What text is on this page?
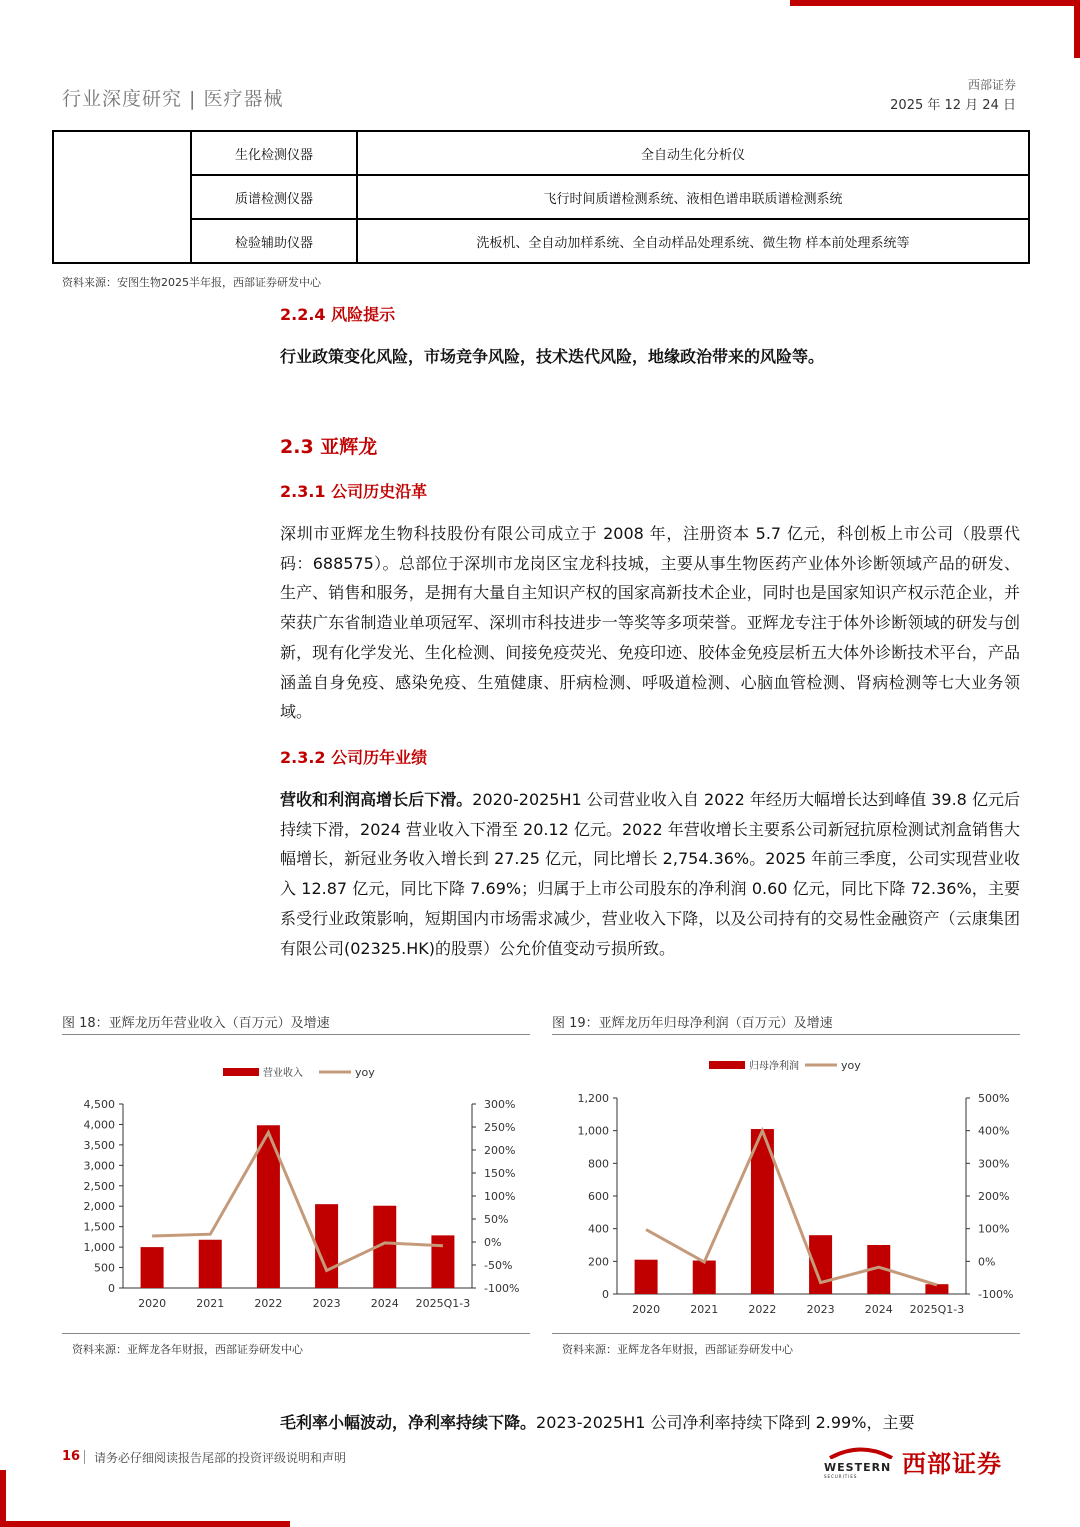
行业深度研究 | 医疗器械
西部证券
2025 年 12 月 24 日
	生化检测仪器	全自动生化分析仪
	质谱检测仪器	飞行时间质谱检测系统、液相色谱串联质谱检测系统
	检验辅助仪器	洗板机、全自动加样系统、全自动样品处理系统、微生物 样本前处理系统等
资料来源：安图生物2025半年报，西部证券研发中心
2.2.4 风险提示
行业政策变化风险，市场竞争风险，技术迭代风险，地缘政治带来的风险等。
2.3 亚辉龙
2.3.1 公司历史沿革
深圳市亚辉龙生物科技股份有限公司成立于 2008 年，注册资本 5.7 亿元，科创板上市公司（股票代码：688575）。总部位于深圳市龙岗区宝龙科技城，主要从事生物医药产业体外诊断领域产品的研发、生产、销售和服务，是拥有大量自主知识产权的国家高新技术企业，同时也是国家知识产权示范企业，并荣获广东省制造业单项冠军、深圳市科技进步一等奖等多项荣誉。亚辉龙专注于体外诊断领域的研发与创新，现有化学发光、生化检测、间接免疫荧光、免疫印迹、胶体金免疫层析五大体外诊断技术平台，产品涵盖自身免疫、感染免疫、生殖健康、肝病检测、呼吸道检测、心脑血管检测、肾病检测等七大业务领域。
2.3.2 公司历年业绩
营收和利润高增长后下滑。2020-2025H1 公司营业收入自 2022 年经历大幅增长达到峰值 39.8 亿元后持续下滑，2024 营业收入下滑至 20.12 亿元。2022 年营收增长主要系公司新冠抗原检测试剂盒销售大幅增长，新冠业务收入增长到 27.25 亿元，同比增长 2,754.36%。2025 年前三季度，公司实现营业收入 12.87 亿元，同比下降 7.69%；归属于上市公司股东的净利润 0.60 亿元，同比下降 72.36%，主要系受行业政策影响，短期国内市场需求减少，营业收入下降，以及公司持有的交易性金融资产（云康集团有限公司(02325.HK)的股票）公允价值变动亏损所致。
图 18：亚辉龙历年营业收入（百万元）及增速
营业收入	yoy
4,500
4,000
3,500
3,000
2,500
2,000
1,500
1,000
500
0
300%
250%
200%
150%
100%
50%
0%
-50%
-100%
2020	2021	2022	2023	2024 2025Q1-3
资料来源：亚辉龙各年财报，西部证券研发中心
图 19：亚辉龙历年归母净利润（百万元）及增速
归母净利润	yoy
1,200
1,000
800
600
400
200
0
500%
400%
300%
200%
100%
0%
-100%
2020	2021	2022	2023	2024 2025Q1-3
资料来源：亚辉龙各年财报，西部证券研发中心
毛利率小幅波动，净利率持续下降。2023-2025H1 公司净利率持续下降到 2.99%，主要
16 请务必仔细阅读报告尾部的投资评级说明和声明
WESTERN
SECURITIES	西部证券
